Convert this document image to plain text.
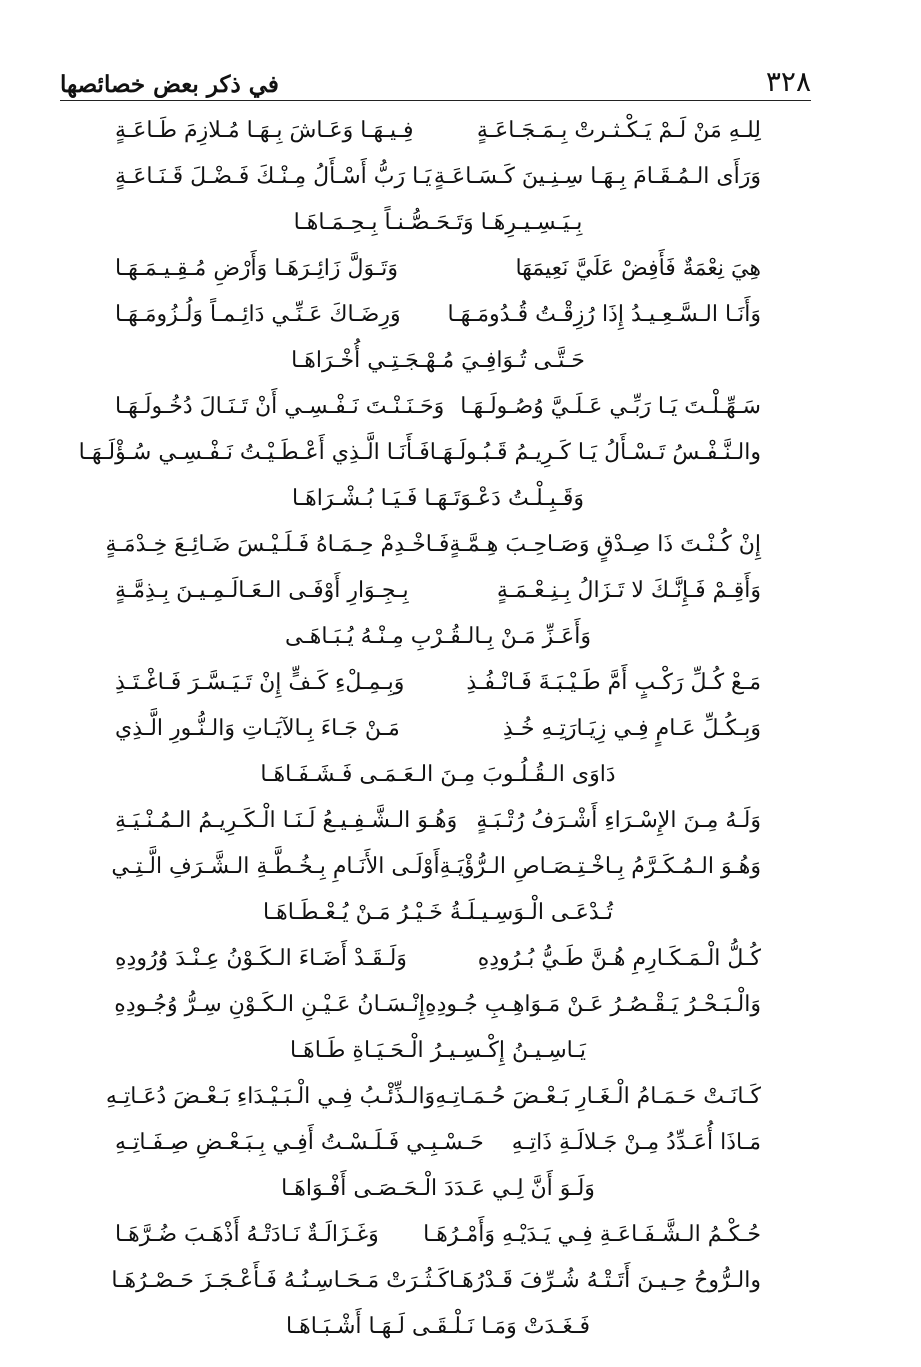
٣٢٨
في ذكر بعض خصائصها
لِلـهِ مَنْ لَـمْ يَـكْـثـرتْ بِـمَـجَـاعَـةٍ
فِـيـهَـا وَعَـاشَ بِـهَـا مُـلازِمَ طَـاعَـةٍ
وَرَأَى الـمُـقَـامَ بِـهَـا سِـنِـينَ كَـسَـاعَـةٍ
يَـا رَبُّ أَسْـأَلُ مِـنْـكَ فَـضْـلَ قَـنَـاعَـةٍ
بِـيَـسِـيـرِهَـا وَتَـحَـصُّـنـاً بِـحِـمَـاهَـا
هِيَ نِعْمَةٌ فَأَفِضْ عَلَيَّ نَعِيمَهَا
وَتَـوَلَّ زَائِـرَهَـا وَأَرْضِ مُـقِـيـمَـهَـا
وَأَنَـا الـسَّـعِـيـدُ إِذَا رُزِقْـتُ قُـدُومَـهَـا
وَرِضَـاكَ عَـنِّـي دَائِـمـاً وَلُـزُومَـهَـا
حَـتَّـى تُـوَافِـيَ مُـهْـجَـتِـي أُخْـرَاهَـا
سَـهِّـلْـتَ يَـا رَبِّـي عَـلَـيَّ وُصُـولَـهَـا
وَحَـنَـنْـتَ نَـفْـسِـي أَنْ تَـنَـالَ دُخُـولَـهَـا
والـنَّـفْـسُ تَـسْـأَلُ يَـا كَـرِيـمُ قَـبُـولَـهَـا
فَـأَنَـا الَّـذِي أَعْـطَـيْـتُ نَـفْـسِـي سُـؤْلَـهَـا
وَقَـبِـلْـتُ دَعْـوَتَـهَـا فَـيَـا بُـشْـرَاهَـا
إِنْ كُـنْـتَ ذَا صِـدْقٍ وَصَـاحِـبَ هِـمَّـةٍ
فَـاخْـدِمْ حِـمَـاهُ فَـلَـيْـسَ ضَـائِـعَ خِـدْمَـةٍ
وَأَقِـمْ فَـإِنَّـكَ لا تَـزَالُ بِـنِـعْـمَـةٍ
بِـجِـوَارِ أَوْفَـى الـعَـالَـمِـيـنَ بِـذِمَّـةٍ
وَأَعَـزِّ مَـنْ بِـالـقُـرْبِ مِـنْـهُ يُـبَـاهَـى
مَـعْ كُـلِّ رَكْـبٍ أَمَّ طَـيْـبَـةَ فَـانْـفُـذِ
وَبِـمِـلْءِ كَـفٍّ إِنْ تَـيَـسَّـرَ فَـاغْـتَـذِ
وَبِـكُـلِّ عَـامٍ فِـي زِيَـارَتِـهِ خُـذِ
مَـنْ جَـاءَ بِـالآيَـاتِ وَالـنُّـورِ الَّـذِي
دَاوَى الـقُـلُـوبَ مِـنَ الـعَـمَـى فَـشَـفَـاهَـا
وَلَـهُ مِـنَ الإِسْـرَاءِ أَشْـرَفُ رُتْـبَـةٍ
وَهُـوَ الـشَّـفِـيـعُ لَـنَـا الْـكَـرِيـمُ الـمُـنْـيَـةِ
وَهُـوَ الـمُـكَـرَّمُ بِـاخْـتِـصَـاصِ الـرُّؤْيَـةِ
أَوْلَـى الأَنَـامِ بِـخُـطَّـةِ الـشَّـرَفِ الَّـتِـي
تُـدْعَـى الْـوَسِـيـلَـةُ خَـيْـرُ مَـنْ يُـعْـطَـاهَـا
كُـلُّ الْـمَـكَـارِمِ هُـنَّ طَـيُّ بُـرُودِهِ
وَلَـقَـدْ أَضَـاءَ الـكَـوْنُ عِـنْـدَ وُرُودِهِ
وَالْـبَـحْـرُ يَـقْـصُـرُ عَـنْ مَـوَاهِـبِ جُـودِهِ
إِنْـسَـانُ عَـيْـنِ الـكَـوْنِ سِـرُّ وُجُـودِهِ
يَـاسِـيـنُ إِكْـسِـيـرُ الْـحَـيَـاةِ طَـاهَـا
كَـانَـتْ حَـمَـامُ الْـغَـارِ بَـعْـضَ حُـمَـاتِـهِ
وَالـذِّئْـبُ فِـي الْـبَـيْـدَاءِ بَـعْـضَ دُعَـاتِـهِ
مَـاذَا أُعَـدِّدُ مِـنْ جَـلالَـةِ ذَاتِـهِ
حَـسْـبِـي فَـلَـسْـتُ أَفِـي بِـبَـعْـضِ صِـفَـاتِـهِ
وَلَـوَ أَنَّ لِـي عَـدَدَ الْـحَـصَـى أَفْـوَاهَـا
حُـكْـمُ الـشَّـفَـاعَـةِ فِـي يَـدَيْـهِ وَأَمْـرُهَـا
وَغَـزَالَـةٌ نَـادَتْـهُ أَذْهَـبَ ضُـرَّهَـا
والـرُّوحُ حِـيـنَ أَتَـتْـهُ شُـرِّفَ قَـدْرُهَـا
كَـثُـرَتْ مَـحَـاسِـنُـهُ فَـأَعْـجَـزَ حَـصْـرُهَـا
فَـغَـدَتْ وَمَـا نَـلْـقَـى لَـهَـا أَشْـبَـاهَـا
